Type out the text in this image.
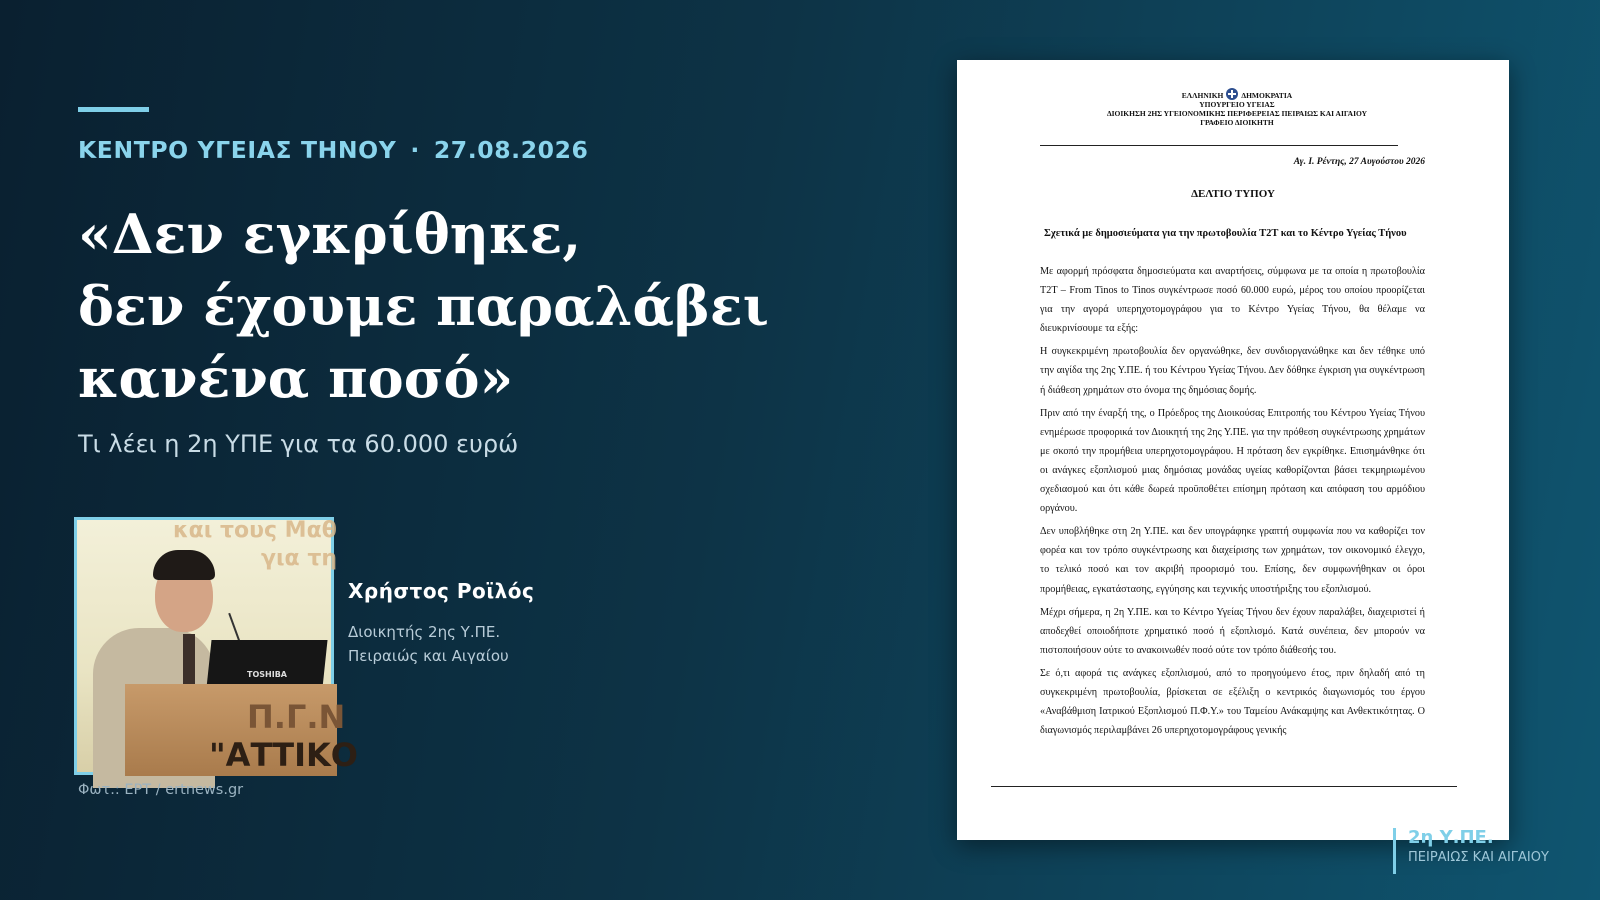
ΚΕΝΤΡΟ ΥΓΕΙΑΣ ΤΗΝΟΥ · 27.08.2026
«Δεν εγκρίθηκε,
δεν έχουμε παραλάβει
κανένα ποσό»
Τι λέει η 2η ΥΠΕ για τα 60.000 ευρώ
και τους Μαθ
για τη
TOSHIBA
Π.Γ.Ν
"ΑΤΤΙΚΟ
Χρήστος Ροϊλός
Διοικητής 2ης Υ.ΠΕ.
Πειραιώς και Αιγαίου
Φωτ.: ΕΡΤ / ertnews.gr
ΕΛΛΗΝΙΚΗ ΔΗΜΟΚΡΑΤΙΑ
ΥΠΟΥΡΓΕΙΟ ΥΓΕΙΑΣ
ΔΙΟΙΚΗΣΗ 2ΗΣ ΥΓΕΙΟΝΟΜΙΚΗΣ ΠΕΡΙΦΕΡΕΙΑΣ ΠΕΙΡΑΙΩΣ ΚΑΙ ΑΙΓΑΙΟΥ
ΓΡΑΦΕΙΟ ΔΙΟΙΚΗΤΗ
Αγ. Ι. Ρέντης, 27 Αυγούστου 2026
ΔΕΛΤΙΟ ΤΥΠΟΥ
Σχετικά με δημοσιεύματα για την πρωτοβουλία T2T και το Κέντρο Υγείας Τήνου

Με αφορμή πρόσφατα δημοσιεύματα και αναρτήσεις, σύμφωνα με τα οποία η πρωτοβουλία T2T – From Tinos to Tinos συγκέντρωσε ποσό 60.000 ευρώ, μέρος του οποίου προορίζεται για την αγορά υπερηχοτομογράφου για το Κέντρο Υγείας Τήνου, θα θέλαμε να διευκρινίσουμε τα εξής:

Η συγκεκριμένη πρωτοβουλία δεν οργανώθηκε, δεν συνδιοργανώθηκε και δεν τέθηκε υπό την αιγίδα της 2ης Υ.ΠΕ. ή του Κέντρου Υγείας Τήνου. Δεν δόθηκε έγκριση για συγκέντρωση ή διάθεση χρημάτων στο όνομα της δημόσιας δομής.

Πριν από την έναρξή της, ο Πρόεδρος της Διοικούσας Επιτροπής του Κέντρου Υγείας Τήνου ενημέρωσε προφορικά τον Διοικητή της 2ης Υ.ΠΕ. για την πρόθεση συγκέντρωσης χρημάτων με σκοπό την προμήθεια υπερηχοτομογράφου. Η πρόταση δεν εγκρίθηκε. Επισημάνθηκε ότι οι ανάγκες εξοπλισμού μιας δημόσιας μονάδας υγείας καθορίζονται βάσει τεκμηριωμένου σχεδιασμού και ότι κάθε δωρεά προϋποθέτει επίσημη πρόταση και απόφαση του αρμόδιου οργάνου.

Δεν υποβλήθηκε στη 2η Υ.ΠΕ. και δεν υπογράφηκε γραπτή συμφωνία που να καθορίζει τον φορέα και τον τρόπο συγκέντρωσης και διαχείρισης των χρημάτων, τον οικονομικό έλεγχο, το τελικό ποσό και τον ακριβή προορισμό του. Επίσης, δεν συμφωνήθηκαν οι όροι προμήθειας, εγκατάστασης, εγγύησης και τεχνικής υποστήριξης του εξοπλισμού.

Μέχρι σήμερα, η 2η Υ.ΠΕ. και το Κέντρο Υγείας Τήνου δεν έχουν παραλάβει, διαχειριστεί ή αποδεχθεί οποιοδήποτε χρηματικό ποσό ή εξοπλισμό. Κατά συνέπεια, δεν μπορούν να πιστοποιήσουν ούτε το ανακοινωθέν ποσό ούτε τον τρόπο διάθεσής του.

Σε ό,τι αφορά τις ανάγκες εξοπλισμού, από το προηγούμενο έτος, πριν δηλαδή από τη συγκεκριμένη πρωτοβουλία, βρίσκεται σε εξέλιξη ο κεντρικός διαγωνισμός του έργου «Αναβάθμιση Ιατρικού Εξοπλισμού Π.Φ.Υ.» του Ταμείου Ανάκαμψης και Ανθεκτικότητας. Ο διαγωνισμός περιλαμβάνει 26 υπερηχοτομογράφους γενικής

2η Υ.ΠΕ.
ΠΕΙΡΑΙΩΣ ΚΑΙ ΑΙΓΑΙΟΥ
